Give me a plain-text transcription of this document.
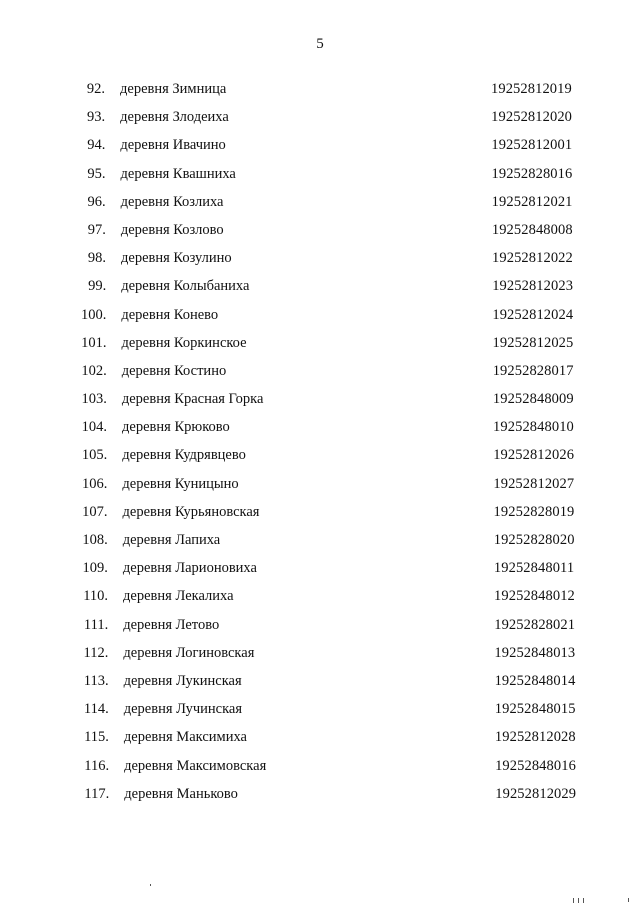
5
92. деревня Зимница	19252812019
93. деревня Злодеиха	19252812020
94. деревня Ивачино	19252812001
95. деревня Квашниха	19252828016
96. деревня Козлиха	19252812021
97. деревня Козлово	19252848008
98. деревня Козулино	19252812022
99. деревня Колыбаниха	19252812023
100. деревня Конево	19252812024
101. деревня Коркинское	19252812025
102. деревня Костино	19252828017
103. деревня Красная Горка	19252848009
104. деревня Крюково	19252848010
105. деревня Кудрявцево	19252812026
106. деревня Куницыно	19252812027
107. деревня Курьяновская	19252828019
108. деревня Лапиха	19252828020
109. деревня Ларионовиха	19252848011
110. деревня Лекалиха	19252848012
111. деревня Летово	19252828021
112. деревня Логиновская	19252848013
113. деревня Лукинская	19252848014
114. деревня Лучинская	19252848015
115. деревня Максимиха	19252812028
116. деревня Максимовская	19252848016
117. деревня Маньково	19252812029
